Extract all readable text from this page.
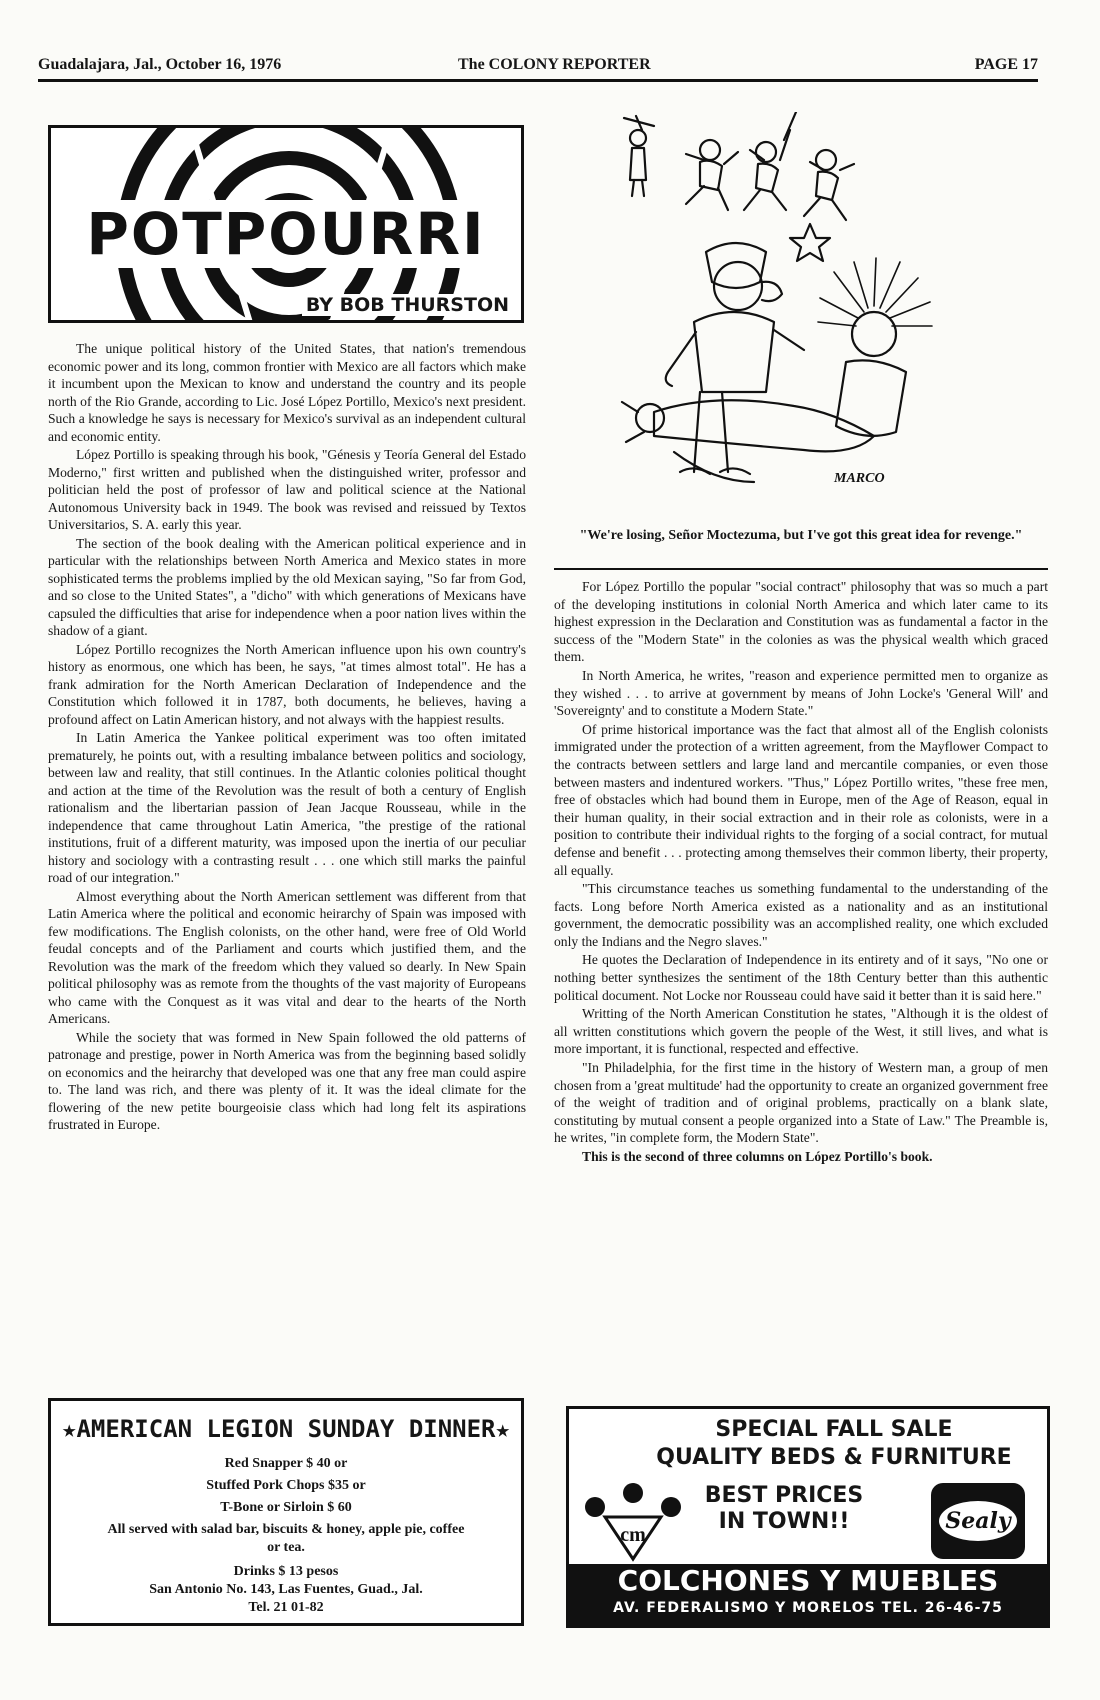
Guadalajara, Jal., October 16, 1976	The COLONY REPORTER	PAGE 17
POTPOURRI
BY BOB THURSTON

The unique political history of the United States, that nation's tremendous economic power and its long, common frontier with Mexico are all factors which make it incumbent upon the Mexican to know and understand the country and its people north of the Rio Grande, according to Lic. José López Portillo, Mexico's next president. Such a knowledge he says is necessary for Mexico's survival as an independent cultural and economic entity.

López Portillo is speaking through his book, "Génesis y Teoría General del Estado Moderno," first written and published when the distinguished writer, professor and politician held the post of professor of law and political science at the National Autonomous University back in 1949. The book was revised and reissued by Textos Universitarios, S. A. early this year.

The section of the book dealing with the American political experience and in particular with the relationships between North America and Mexico states in more sophisticated terms the problems implied by the old Mexican saying, "So far from God, and so close to the United States", a "dicho" with which generations of Mexicans have capsuled the difficulties that arise for independence when a poor nation lives within the shadow of a giant.

López Portillo recognizes the North American influence upon his own country's history as enormous, one which has been, he says, "at times almost total". He has a frank admiration for the North American Declaration of Independence and the Constitution which followed it in 1787, both documents, he believes, having a profound affect on Latin American history, and not always with the happiest results.

In Latin America the Yankee political experiment was too often imitated prematurely, he points out, with a resulting imbalance between politics and sociology, between law and reality, that still continues. In the Atlantic colonies political thought and action at the time of the Revolution was the result of both a century of English rationalism and the libertarian passion of Jean Jacque Rousseau, while in the independence that came throughout Latin America, "the prestige of the rational institutions, fruit of a different maturity, was imposed upon the inertia of our peculiar history and sociology with a contrasting result . . . one which still marks the painful road of our integration."

Almost everything about the North American settlement was different from that Latin America where the political and economic heirarchy of Spain was imposed with few modifications. The English colonists, on the other hand, were free of Old World feudal concepts and of the Parliament and courts which justified them, and the Revolution was the mark of the freedom which they valued so dearly. In New Spain political philosophy was as remote from the thoughts of the vast majority of Europeans who came with the Conquest as it was vital and dear to the hearts of the North Americans.

While the society that was formed in New Spain followed the old patterns of patronage and prestige, power in North America was from the beginning based solidly on economics and the heirarchy that developed was one that any free man could aspire to. The land was rich, and there was plenty of it. It was the ideal climate for the flowering of the new petite bourgeoisie class which had long felt its aspirations frustrated in Europe.

MARCO
"We're losing, Señor Moctezuma, but I've got this great idea for revenge."

For López Portillo the popular "social contract" philosophy that was so much a part of the developing institutions in colonial North America and which later came to its highest expression in the Declaration and Constitution was as fundamental a factor in the success of the "Modern State" in the colonies as was the physical wealth which graced them.

In North America, he writes, "reason and experience permitted men to organize as they wished . . . to arrive at government by means of John Locke's 'General Will' and 'Sovereignty' and to constitute a Modern State."

Of prime historical importance was the fact that almost all of the English colonists immigrated under the protection of a written agreement, from the Mayflower Compact to the contracts between settlers and large land and mercantile companies, or even those between masters and indentured workers. "Thus," López Portillo writes, "these free men, free of obstacles which had bound them in Europe, men of the Age of Reason, equal in their human quality, in their social extraction and in their role as colonists, were in a position to contribute their individual rights to the forging of a social contract, for mutual defense and benefit . . . protecting among themselves their common liberty, their property, all equally.

"This circumstance teaches us something fundamental to the understanding of the facts. Long before North America existed as a nationality and as an institutional government, the democratic possibility was an accomplished reality, one which excluded only the Indians and the Negro slaves."

He quotes the Declaration of Independence in its entirety and of it says, "No one or nothing better synthesizes the sentiment of the 18th Century better than this authentic political document. Not Locke nor Rousseau could have said it better than it is said here."

Writting of the North American Constitution he states, "Although it is the oldest of all written constitutions which govern the people of the West, it still lives, and what is more important, it is functional, respected and effective.

"In Philadelphia, for the first time in the history of Western man, a group of men chosen from a 'great multitude' had the opportunity to create an organized government free of the weight of tradition and of original problems, practically on a blank slate, constituting by mutual consent a people organized into a State of Law." The Preamble is, he writes, "in complete form, the Modern State".

This is the second of three columns on López Portillo's book.

★AMERICAN LEGION SUNDAY DINNER★
Red Snapper $ 40 or
Stuffed Pork Chops $35 or
T-Bone or Sirloin $ 60
All served with salad bar, biscuits & honey, apple pie, coffee or tea.
Drinks $ 13 pesos
San Antonio No. 143, Las Fuentes, Guad., Jal.
Tel. 21 01-82
SPECIAL FALL SALE
QUALITY BEDS & FURNITURE
cm
BEST PRICES
IN TOWN!!	Sealy
COLCHONES Y MUEBLES
AV. FEDERALISMO Y MORELOS TEL. 26-46-75
